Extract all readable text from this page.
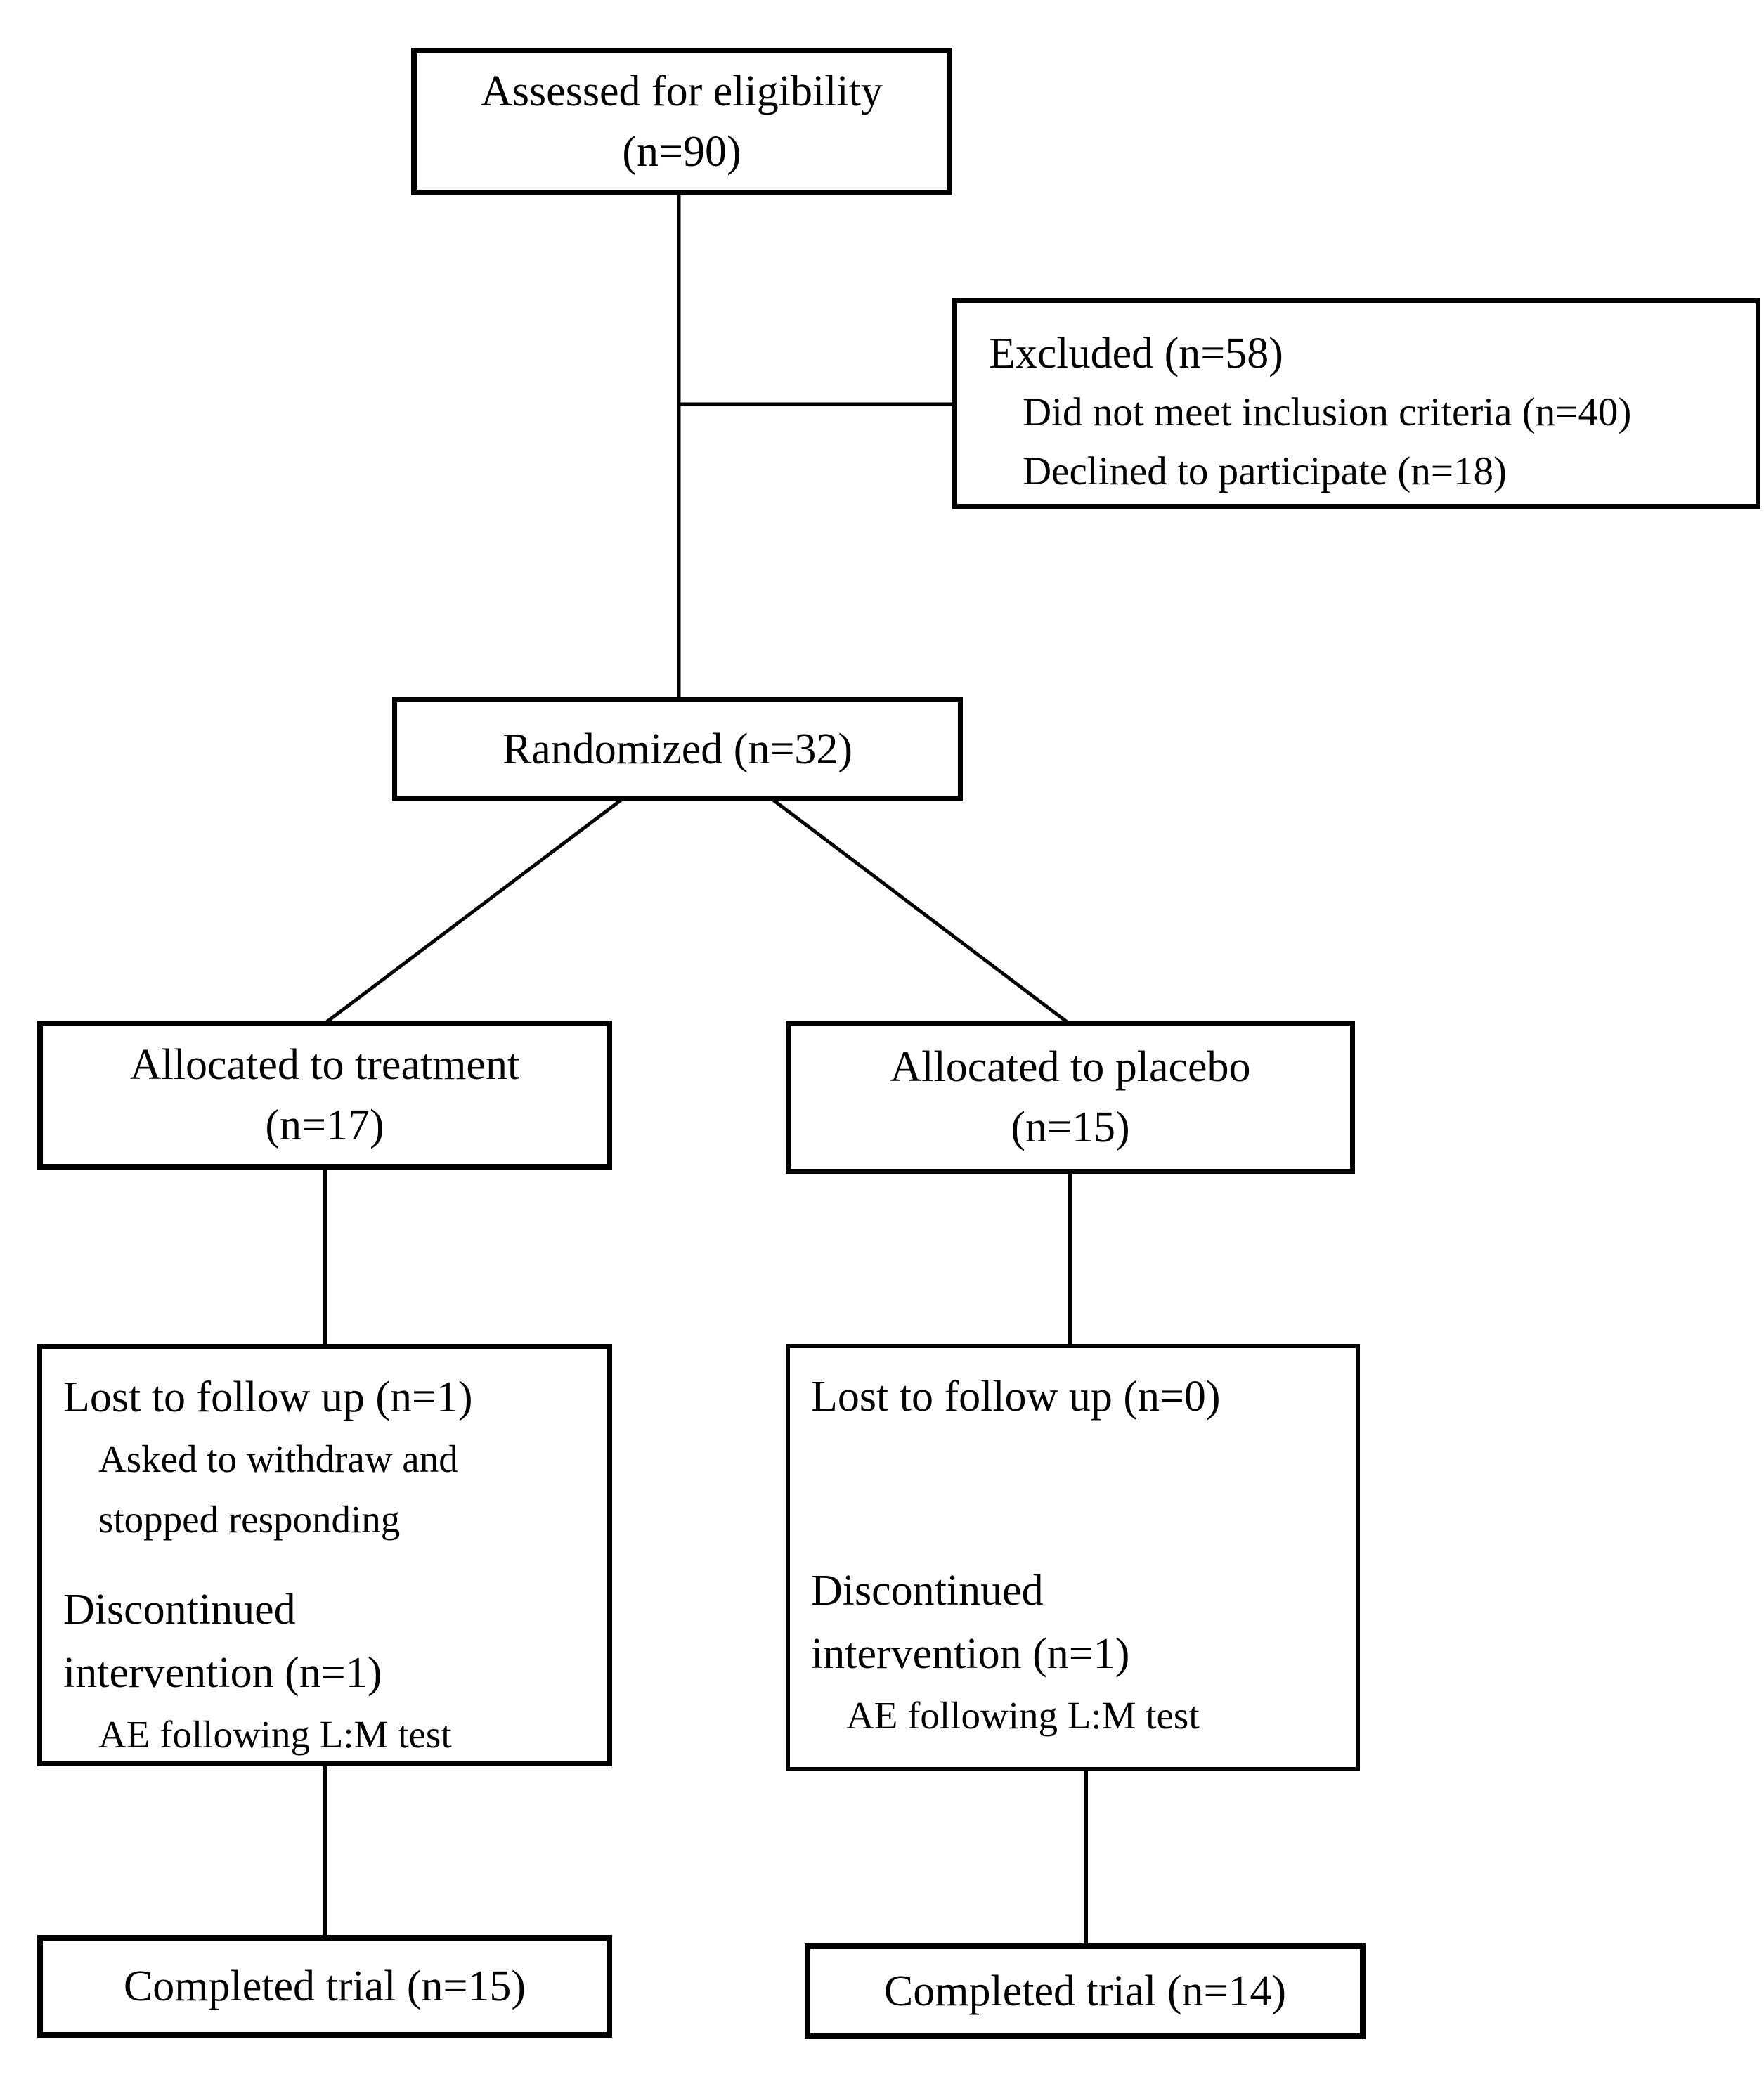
Assessed for eligibility
(n=90)
Excluded (n=58)
Did not meet inclusion criteria (n=40)
Declined to participate (n=18)
Randomized (n=32)
Allocated to treatment
(n=17)
Allocated to placebo
(n=15)
Lost to follow up (n=1)
Asked to withdraw and
stopped responding
Discontinued
intervention (n=1)
AE following L:M test
Lost to follow up (n=0)
Discontinued
intervention (n=1)
AE following L:M test
Completed trial (n=15)	Completed trial (n=14)
